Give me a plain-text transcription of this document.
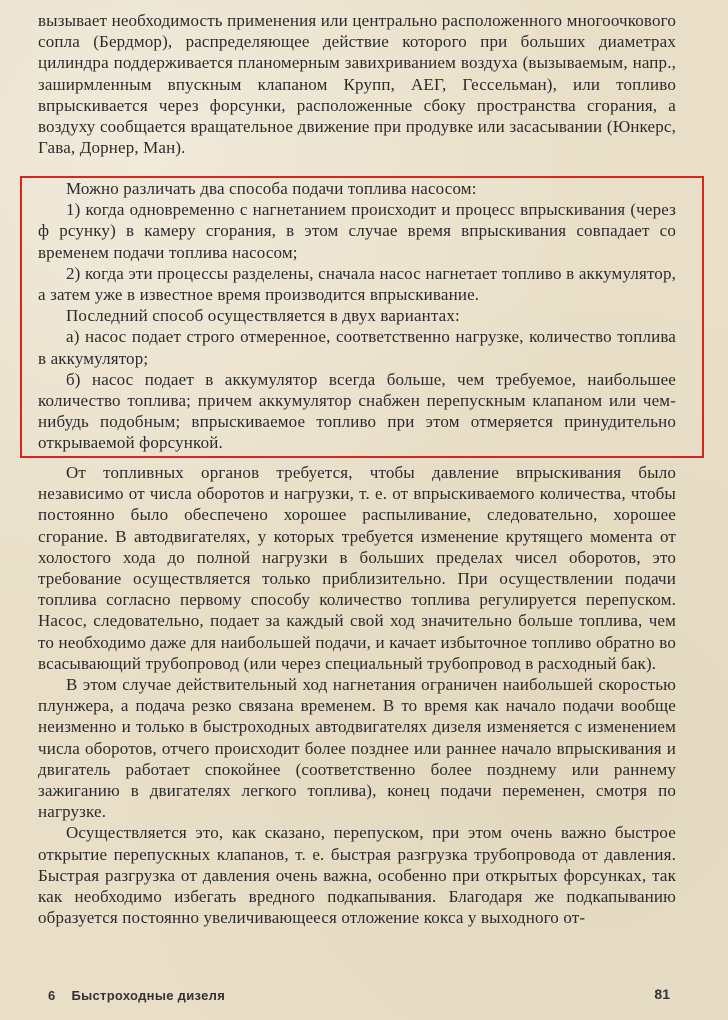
вызывает необходимость применения или центрально расположенного многоочкового сопла (Бердмор), распределяющее действие которого при больших диаметрах цилиндра поддерживается планомерным завихриванием воздуха (вызываемым, напр., заширмленным впускным клапаном Крупп, АЕГ, Гессельман), или топливо впрыскивается через форсунки, расположенные сбоку пространства сгорания, а воздуху сообщается вращательное движение при продувке или засасывании (Юнкерс, Гава, Дорнер, Ман).

Можно различать два способа подачи топлива насосом:

1) когда одновременно с нагнетанием происходит и процесс впрыскивания (через ф рсунку) в камеру сгорания, в этом случае время впрыскивания совпадает со временем подачи топлива насосом;

2) когда эти процессы разделены, сначала насос нагнетает топливо в аккумулятор, а затем уже в известное время производится впрыскивание.

Последний способ осуществляется в двух вариантах:

а) насос подает строго отмеренное, соответственно нагрузке, количество топлива в аккумулятор;

б) насос подает в аккумулятор всегда больше, чем требуемое, наибольшее количество топлива; причем аккумулятор снабжен перепускным клапаном или чем-нибудь подобным; впрыскиваемое топливо при этом отмеряется принудительно открываемой форсункой.

От топливных органов требуется, чтобы давление впрыскивания было независимо от числа оборотов и нагрузки, т. е. от впрыскиваемого количества, чтобы постоянно было обеспечено хорошее распыливание, следовательно, хорошее сгорание. В автодвигателях, у которых требуется изменение крутящего момента от холостого хода до полной нагрузки в больших пределах чисел оборотов, это требование осуществляется только приблизительно. При осуществлении подачи топлива согласно первому способу количество топлива регулируется перепуском. Насос, следовательно, подает за каждый свой ход значительно больше топлива, чем то необходимо даже для наибольшей подачи, и качает избыточное топливо обратно во всасывающий трубопровод (или через специальный трубопровод в расходный бак).

В этом случае действительный ход нагнетания ограничен наибольшей скоростью плунжера, а подача резко связана временем. В то время как начало подачи вообще неизменно и только в быстроходных автодвигателях дизеля изменяется с изменением числа оборотов, отчего происходит более позднее или раннее начало впрыскивания и двигатель работает спокойнее (соответственно более позднему или раннему зажиганию в двигателях легкого топлива), конец подачи переменен, смотря по нагрузке.

Осуществляется это, как сказано, перепуском, при этом очень важно быстрое открытие перепускных клапанов, т. е. быстрая разгрузка трубопровода от давления. Быстрая разгрузка от давления очень важна, особенно при открытых форсунках, так как необходимо избегать вредного подкапывания. Благодаря же подкапыванию образуется постоянно увеличивающееся отложение кокса у выходного от-

6 Быстроходные дизеля	81
